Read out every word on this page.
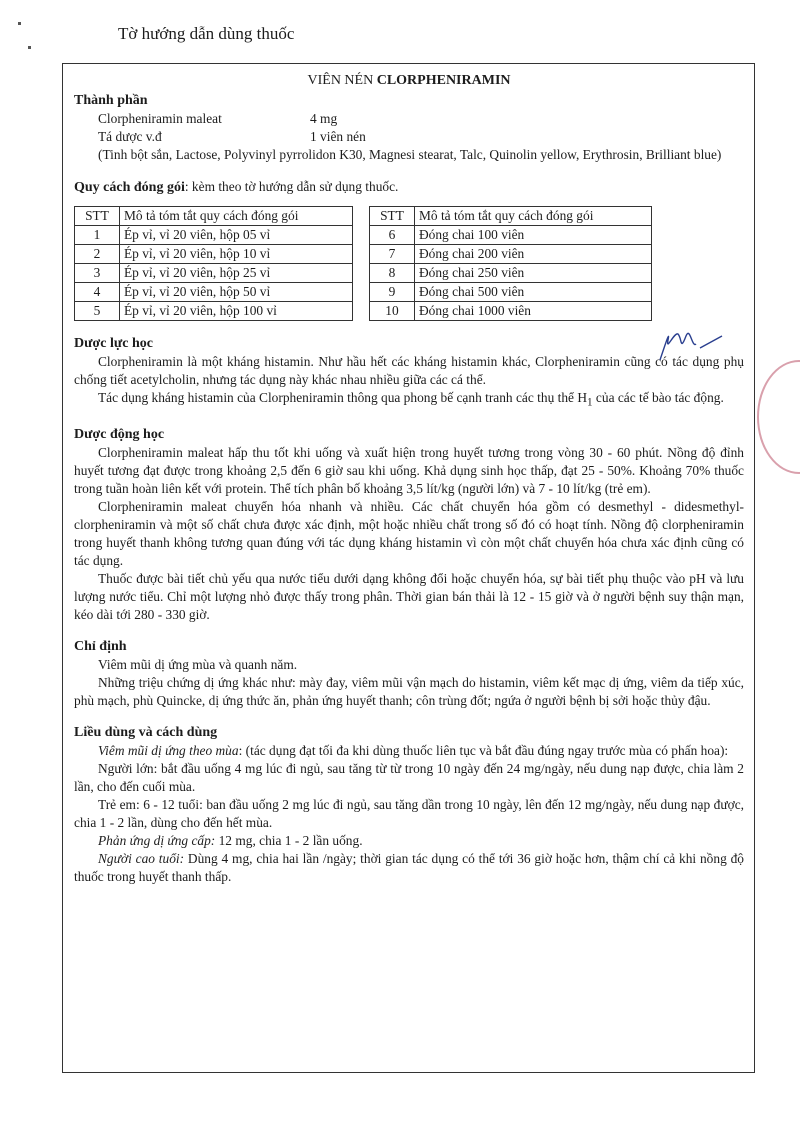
Tờ hướng dẫn dùng thuốc
VIÊN NÉN CLORPHENIRAMIN
Thành phần
Clorpheniramin maleat	4 mg
Tá dược v.đ	1 viên nén
(Tinh bột sắn, Lactose, Polyvinyl pyrrolidon K30, Magnesi stearat, Talc, Quinolin yellow, Erythrosin, Brilliant blue)
Quy cách đóng gói: kèm theo tờ hướng dẫn sử dụng thuốc.
STT	Mô tả tóm tắt quy cách đóng gói
1	Ép vỉ, vỉ 20 viên, hộp 05 vỉ
2	Ép vỉ, vỉ 20 viên, hộp 10 vỉ
3	Ép vỉ, vỉ 20 viên, hộp 25 vỉ
4	Ép vỉ, vỉ 20 viên, hộp 50 vỉ
5	Ép vỉ, vỉ 20 viên, hộp 100 vỉ
STT	Mô tả tóm tắt quy cách đóng gói
6	Đóng chai 100 viên
7	Đóng chai 200 viên
8	Đóng chai 250 viên
9	Đóng chai 500 viên
10	Đóng chai 1000 viên
Dược lực học
Clorpheniramin là một kháng histamin. Như hầu hết các kháng histamin khác, Clorpheniramin cũng có tác dụng phụ chống tiết acetylcholin, nhưng tác dụng này khác nhau nhiều giữa các cá thể.
Tác dụng kháng histamin của Clorpheniramin thông qua phong bế cạnh tranh các thụ thể $H_1$ của các tế bào tác động.
Dược động học
Clorpheniramin maleat hấp thu tốt khi uống và xuất hiện trong huyết tương trong vòng 30 - 60 phút. Nồng độ đỉnh huyết tương đạt được trong khoảng 2,5 đến 6 giờ sau khi uống. Khả dụng sinh học thấp, đạt 25 - 50%. Khoảng 70% thuốc trong tuần hoàn liên kết với protein. Thể tích phân bố khoảng 3,5 lít/kg (người lớn) và 7 - 10 lít/kg (trẻ em).
Clorpheniramin maleat chuyển hóa nhanh và nhiều. Các chất chuyển hóa gồm có desmethyl - didesmethyl- clorpheniramin và một số chất chưa được xác định, một hoặc nhiều chất trong số đó có hoạt tính. Nồng độ clorpheniramin trong huyết thanh không tương quan đúng với tác dụng kháng histamin vì còn một chất chuyển hóa chưa xác định cũng có tác dụng.
Thuốc được bài tiết chủ yếu qua nước tiểu dưới dạng không đổi hoặc chuyển hóa, sự bài tiết phụ thuộc vào pH và lưu lượng nước tiểu. Chỉ một lượng nhỏ được thấy trong phân. Thời gian bán thải là 12 - 15 giờ và ở người bệnh suy thận mạn, kéo dài tới 280 - 330 giờ.
Chỉ định
Viêm mũi dị ứng mùa và quanh năm.
Những triệu chứng dị ứng khác như: mày đay, viêm mũi vận mạch do histamin, viêm kết mạc dị ứng, viêm da tiếp xúc, phù mạch, phù Quincke, dị ứng thức ăn, phản ứng huyết thanh; côn trùng đốt; ngứa ở người bệnh bị sởi hoặc thủy đậu.
Liều dùng và cách dùng
Viêm mũi dị ứng theo mùa: (tác dụng đạt tối đa khi dùng thuốc liên tục và bắt đầu đúng ngay trước mùa có phấn hoa):
Người lớn: bắt đầu uống 4 mg lúc đi ngủ, sau tăng từ từ trong 10 ngày đến 24 mg/ngày, nếu dung nạp được, chia làm 2 lần, cho đến cuối mùa.
Trẻ em: 6 - 12 tuổi: ban đầu uống 2 mg lúc đi ngủ, sau tăng dần trong 10 ngày, lên đến 12 mg/ngày, nếu dung nạp được, chia 1 - 2 lần, dùng cho đến hết mùa.
Phản ứng dị ứng cấp: 12 mg, chia 1 - 2 lần uống.
Người cao tuổi: Dùng 4 mg, chia hai lần /ngày; thời gian tác dụng có thể tới 36 giờ hoặc hơn, thậm chí cả khi nồng độ thuốc trong huyết thanh thấp.
